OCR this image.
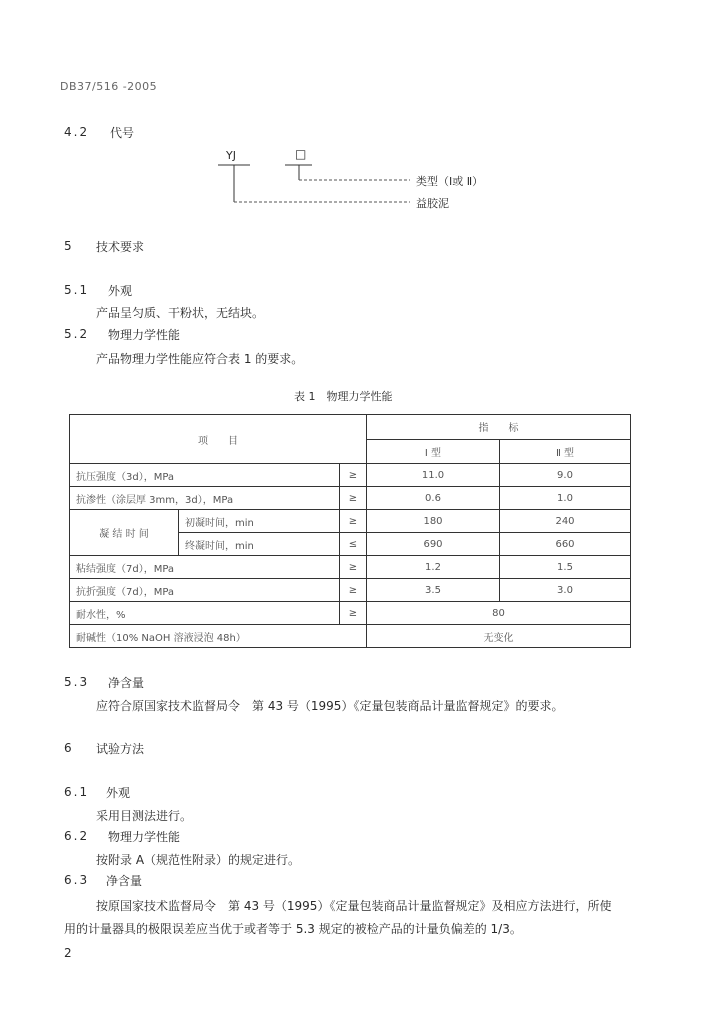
DB37/516 -2005
4.2 代号
YJ	□
类型（Ⅰ或 Ⅱ）
益胶泥
5 技术要求
5.1 外观
产品呈匀质、干粉状，无结块。
5.2 物理力学性能
产品物理力学性能应符合表 1 的要求。
表 1　物理力学性能
项　　目			指　　标	
			Ⅰ 型	Ⅱ 型
抗压强度（3d），MPa		≥	11.0	9.0
抗渗性（涂层厚 3mm，3d），MPa		≥	0.6	1.0
凝 结 时 间	初凝时间，min	≥	180	240
	终凝时间，min	≤	690	660
粘结强度（7d），MPa		≥	1.2	1.5
抗折强度（7d），MPa		≥	3.5	3.0
耐水性，%		≥	80	
耐碱性（10% NaOH 溶液浸泡 48h）			无变化	
5.3 净含量
应符合原国家技术监督局令　第 43 号（1995）《定量包装商品计量监督规定》的要求。
6 试验方法
6.1 外观
采用目测法进行。
6.2 物理力学性能
按附录 A（规范性附录）的规定进行。
6.3 净含量
按原国家技术监督局令　第 43 号（1995）《定量包装商品计量监督规定》及相应方法进行，所使
用的计量器具的极限误差应当优于或者等于 5.3 规定的被检产品的计量负偏差的 1/3。
2
